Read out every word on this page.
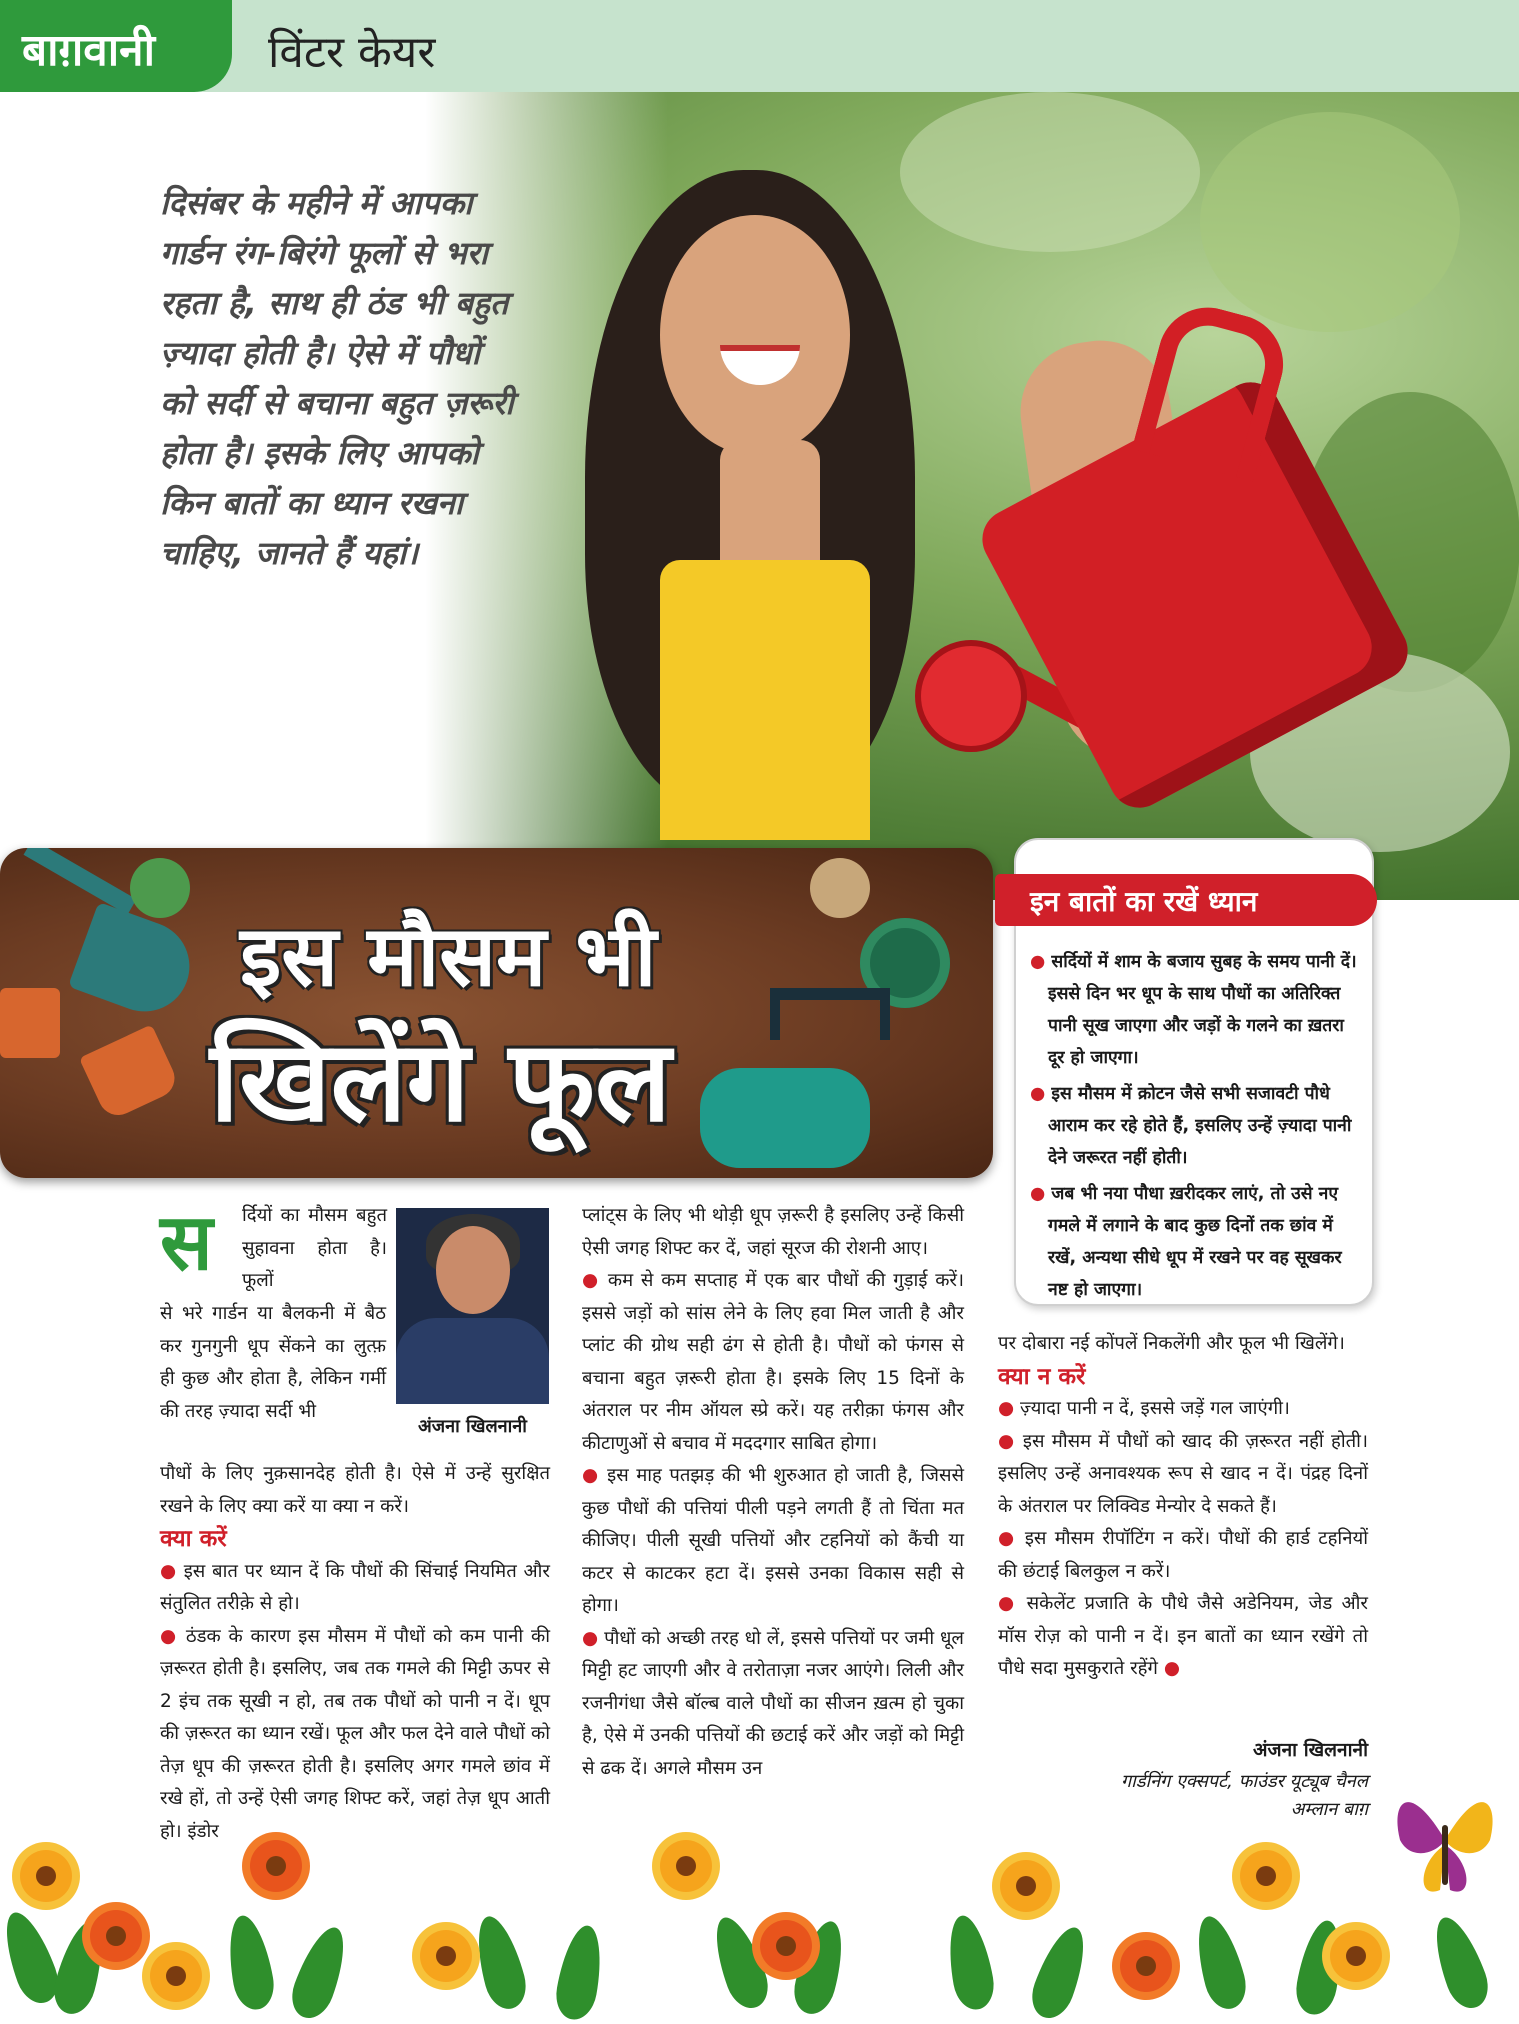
बाग़वानी	विंटर केयर
दिसंबर के महीने में आपका गार्डन रंग-बिरंगे फूलों से भरा रहता है, साथ ही ठंड भी बहुत ज़्यादा होती है। ऐसे में पौधों को सर्दी से बचाना बहुत ज़रूरी होता है। इसके लिए आपको किन बातों का ध्यान रखना चाहिए, जानते हैं यहां।
इस मौसम भी
खिलेंगे फूल
इन बातों का रखें ध्यान
● सर्दियों में शाम के बजाय सुबह के समय पानी दें। इससे दिन भर धूप के साथ पौधों का अतिरिक्त पानी सूख जाएगा और जड़ों के गलने का ख़तरा दूर हो जाएगा।
● इस मौसम में क्रोटन जैसे सभी सजावटी पौधे आराम कर रहे होते हैं, इसलिए उन्हें ज़्यादा पानी देने जरूरत नहीं होती।
● जब भी नया पौधा ख़रीदकर लाएं, तो उसे नए गमले में लगाने के बाद कुछ दिनों तक छांव में रखें, अन्यथा सीधे धूप में रखने पर वह सूखकर नष्ट हो जाएगा।
स र्दियों का मौसम बहुत सुहावना होता है। फूलों
से भरे गार्डन या बैलकनी में बैठ कर गुनगुनी धूप सेंकने का लुत्फ़ ही कुछ और होता है, लेकिन गर्मी की तरह ज़्यादा सर्दी भी
अंजना खिलनानी
पौधों के लिए नुक़सानदेह होती है। ऐसे में उन्हें सुरक्षित रखने के लिए क्या करें या क्या न करें।
क्या करें
● इस बात पर ध्यान दें कि पौधों की सिंचाई नियमित और संतुलित तरीक़े से हो।
● ठंडक के कारण इस मौसम में पौधों को कम पानी की ज़रूरत होती है। इसलिए, जब तक गमले की मिट्टी ऊपर से 2 इंच तक सूखी न हो, तब तक पौधों को पानी न दें। धूप की ज़रूरत का ध्यान रखें। फूल और फल देने वाले पौधों को तेज़ धूप की ज़रूरत होती है। इसलिए अगर गमले छांव में रखे हों, तो उन्हें ऐसी जगह शिफ्ट करें, जहां तेज़ धूप आती हो। इंडोर
प्लांट्स के लिए भी थोड़ी धूप ज़रूरी है इसलिए उन्हें किसी ऐसी जगह शिफ्ट कर दें, जहां सूरज की रोशनी आए।
● कम से कम सप्ताह में एक बार पौधों की गुड़ाई करें। इससे जड़ों को सांस लेने के लिए हवा मिल जाती है और प्लांट की ग्रोथ सही ढंग से होती है। पौधों को फंगस से बचाना बहुत ज़रूरी होता है। इसके लिए 15 दिनों के अंतराल पर नीम ऑयल स्प्रे करें। यह तरीक़ा फंगस और कीटाणुओं से बचाव में मददगार साबित होगा।
● इस माह पतझड़ की भी शुरुआत हो जाती है, जिससे कुछ पौधों की पत्तियां पीली पड़ने लगती हैं तो चिंता मत कीजिए। पीली सूखी पत्तियों और टहनियों को कैंची या कटर से काटकर हटा दें। इससे उनका विकास सही से होगा।
● पौधों को अच्छी तरह धो लें, इससे पत्तियों पर जमी धूल मिट्टी हट जाएगी और वे तरोताज़ा नजर आएंगे। लिली और रजनीगंधा जैसे बॉल्ब वाले पौधों का सीजन ख़त्म हो चुका है, ऐसे में उनकी पत्तियों की छटाई करें और जड़ों को मिट्टी से ढक दें। अगले मौसम उन
पर दोबारा नई कोंपलें निकलेंगी और फूल भी खिलेंगे।
क्या न करें
● ज़्यादा पानी न दें, इससे जड़ें गल जाएंगी।
● इस मौसम में पौधों को खाद की ज़रूरत नहीं होती। इसलिए उन्हें अनावश्यक रूप से खाद न दें। पंद्रह दिनों के अंतराल पर लिक्विड मेन्योर दे सकते हैं।
● इस मौसम रीपॉटिंग न करें। पौधों की हार्ड टहनियों की छंटाई बिलकुल न करें।
● सकेलेंट प्रजाति के पौधे जैसे अडेनियम, जेड और मॉस रोज़ को पानी न दें। इन बातों का ध्यान रखेंगे तो पौधे सदा मुसकुराते रहेंगे ●
अंजना खिलनानी
गार्डनिंग एक्सपर्ट, फाउंडर यूट्यूब चैनल
अम्लान बाग़
